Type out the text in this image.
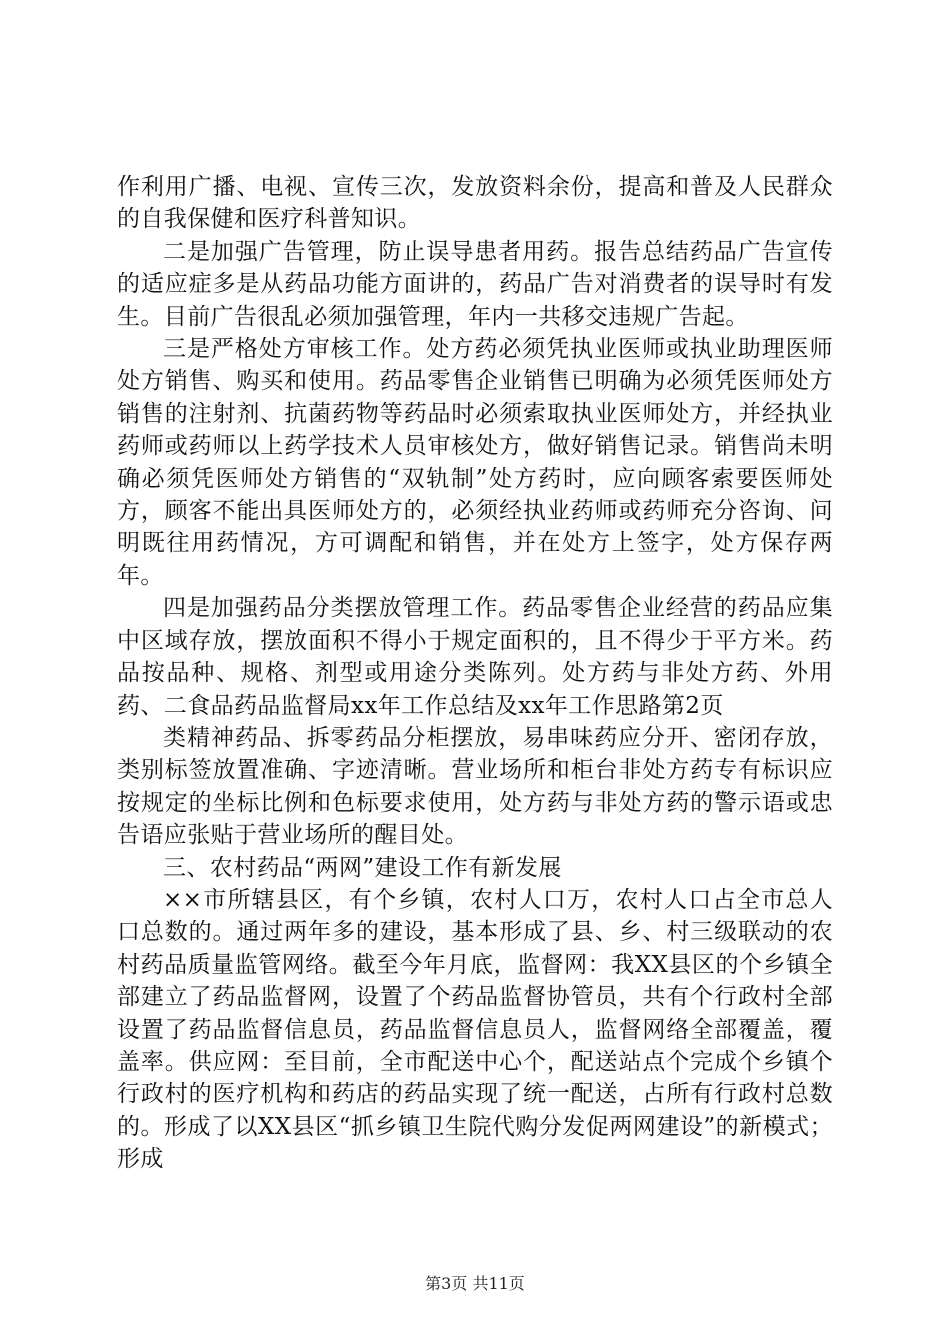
作利用广播、电视、宣传三次，发放资料余份，提高和普及人民群众的自我保健和医疗科普知识。

二是加强广告管理，防止误导患者用药。报告总结药品广告宣传的适应症多是从药品功能方面讲的，药品广告对消费者的误导时有发生。目前广告很乱必须加强管理，年内一共移交违规广告起。

三是严格处方审核工作。处方药必须凭执业医师或执业助理医师处方销售、购买和使用。药品零售企业销售已明确为必须凭医师处方销售的注射剂、抗菌药物等药品时必须索取执业医师处方，并经执业药师或药师以上药学技术人员审核处方，做好销售记录。销售尚未明确必须凭医师处方销售的“双轨制”处方药时，应向顾客索要医师处方，顾客不能出具医师处方的，必须经执业药师或药师充分咨询、问明既往用药情况，方可调配和销售，并在处方上签字，处方保存两年。

四是加强药品分类摆放管理工作。药品零售企业经营的药品应集中区域存放，摆放面积不得小于规定面积的，且不得少于平方米。药品按品种、规格、剂型或用途分类陈列。处方药与非处方药、外用药、二食品药品监督局xx年工作总结及xx年工作思路第2页

类精神药品、拆零药品分柜摆放，易串味药应分开、密闭存放，类别标签放置准确、字迹清晰。营业场所和柜台非处方药专有标识应按规定的坐标比例和色标要求使用，处方药与非处方药的警示语或忠告语应张贴于营业场所的醒目处。

三、农村药品“两网”建设工作有新发展

××市所辖县区，有个乡镇，农村人口万，农村人口占全市总人口总数的。通过两年多的建设，基本形成了县、乡、村三级联动的农村药品质量监管网络。截至今年月底，监督网：我XX县区的个乡镇全部建立了药品监督网，设置了个药品监督协管员，共有个行政村全部设置了药品监督信息员，药品监督信息员人，监督网络全部覆盖，覆盖率。供应网：至目前，全市配送中心个，配送站点个完成个乡镇个行政村的医疗机构和药店的药品实现了统一配送，占所有行政村总数的。形成了以XX县区“抓乡镇卫生院代购分发促两网建设”的新模式；形成

第3页 共11页
